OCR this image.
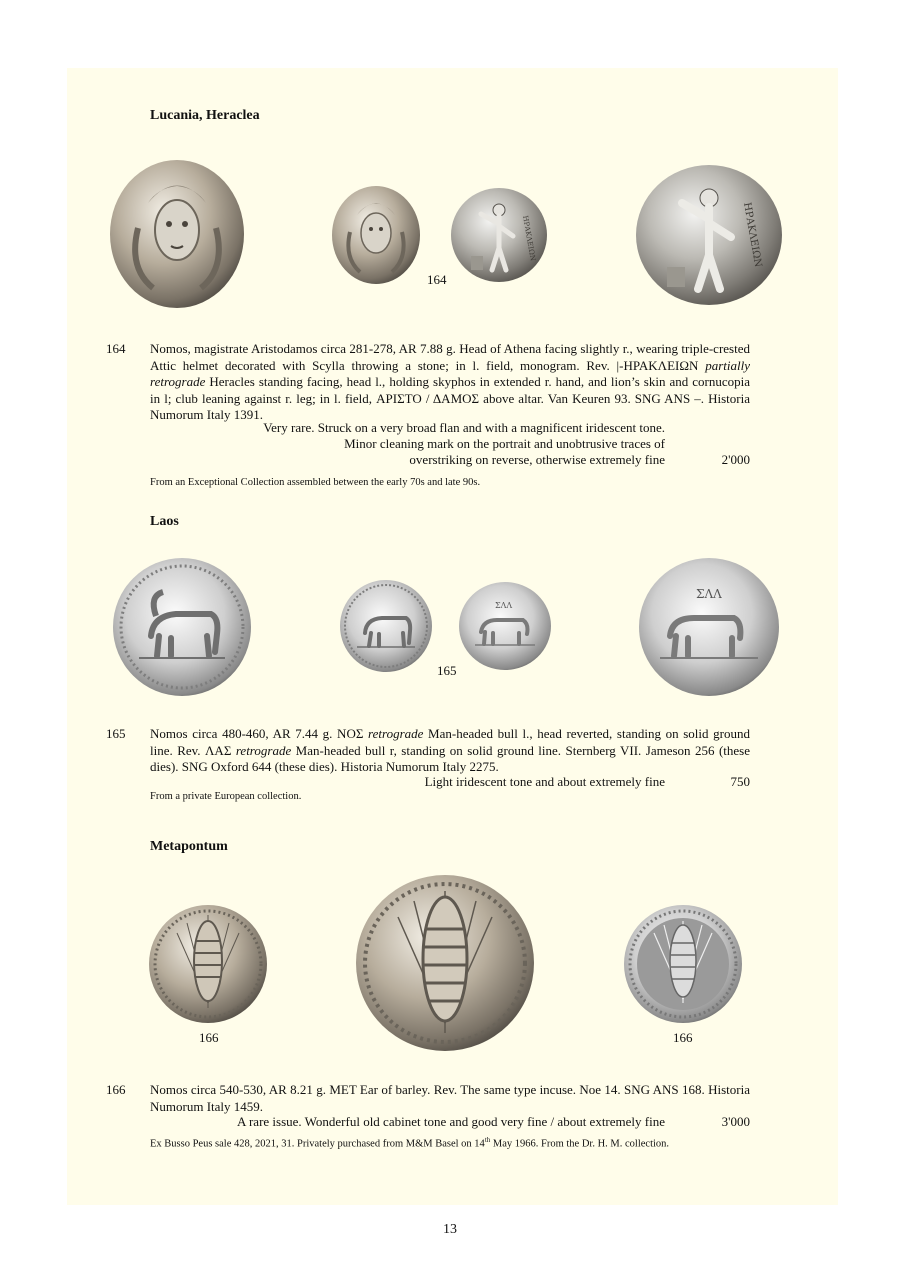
Lucania, Heraclea
ΗΡΑΚΛΕΙΩΝ	ΗΡΑΚΛΕΙΩΝ
164
164 Nomos, magistrate Aristodamos circa 281-278, AR 7.88 g. Head of Athena facing slightly r., wearing triple-crested Attic helmet decorated with Scylla throwing a stone; in l. field, monogram. Rev. |-ΗΡΑΚΛΕΙΩΝ partially retrograde Heracles standing facing, head l., holding skyphos in extended r. hand, and lion’s skin and cornucopia in l; club leaning against r. leg; in l. field, ΑΡΙΣΤΟ / ΔΑΜΟΣ above altar. Van Keuren 93. SNG ANS –. Historia Numorum Italy 1391.
Very rare. Struck on a very broad flan and with a magnificent iridescent tone.
Minor cleaning mark on the portrait and unobtrusive traces of
overstriking on reverse, otherwise extremely fine	2'000
From an Exceptional Collection assembled between the early 70s and late 90s.
Laos
ΣΛΛ
ΣΛΛ
165
165 Nomos circa 480-460, AR 7.44 g. ΝΟΣ retrograde Man-headed bull l., head reverted, standing on solid ground line. Rev. ΛΑΣ retrograde Man-headed bull r, standing on solid ground line. Sternberg VII. Jameson 256 (these dies). SNG Oxford 644 (these dies). Historia Numorum Italy 2275.
Light iridescent tone and about extremely fine	750
From a private European collection.
Metapontum
166	166
166 Nomos circa 540-530, AR 8.21 g. ΜΕΤ Ear of barley. Rev. The same type incuse. Noe 14. SNG ANS 168. Historia Numorum Italy 1459.
A rare issue. Wonderful old cabinet tone and good very fine / about extremely fine	3'000
Ex Busso Peus sale 428, 2021, 31. Privately purchased from M&M Basel on 14th May 1966. From the Dr. H. M. collection.
13
